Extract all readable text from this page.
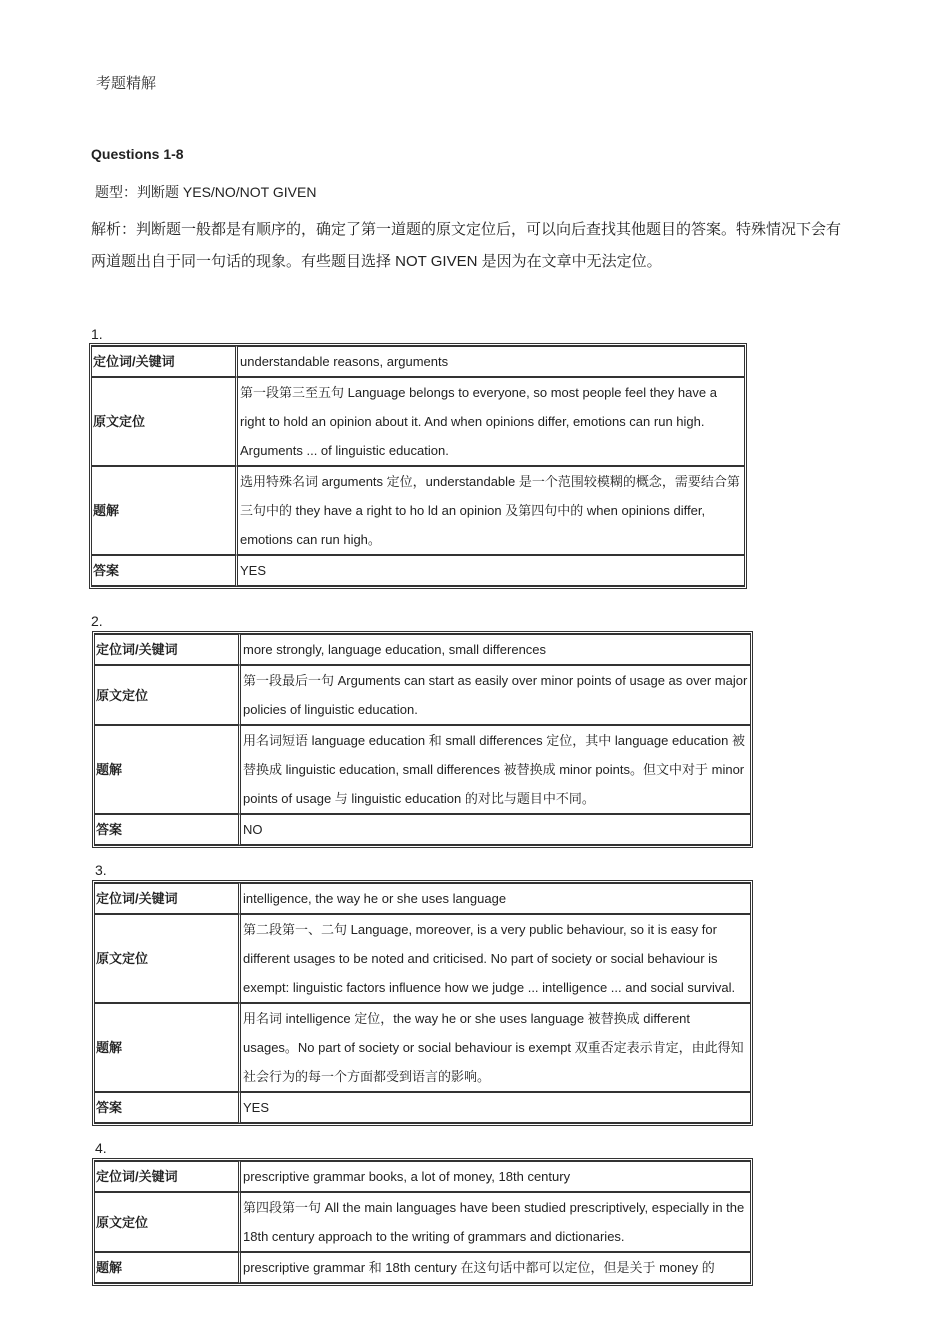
考题精解
Questions 1-8
题型：判断题 YES/NO/NOT GIVEN
解析：判断题一般都是有顺序的，确定了第一道题的原文定位后，可以向后查找其他题目的答案。特殊情况下会有两道题出自于同一句话的现象。有些题目选择 NOT GIVEN 是因为在文章中无法定位。
1.
定位词/关键词	understandable reasons, arguments
原文定位	第一段第三至五句 Language belongs to everyone, so most people feel they have a right to hold an opinion about it. And when opinions differ, emotions can run high. Arguments ... of linguistic education.
题解	选用特殊名词 arguments 定位，understandable 是一个范围较模糊的概念，需要结合第三句中的 they have a right to ho ld an opinion 及第四句中的 when opinions differ, emotions can run high。
答案	YES
2.
定位词/关键词	more strongly, language education, small differences
原文定位	第一段最后一句 Arguments can start as easily over minor points of usage as over major policies of linguistic education.
题解	用名词短语 language education 和 small differences 定位，其中 language education 被替换成 linguistic education, small differences 被替换成 minor points。但文中对于 minor points of usage 与 linguistic education 的对比与题目中不同。
答案	NO
3.
定位词/关键词	intelligence, the way he or she uses language
原文定位	第二段第一、二句 Language, moreover, is a very public behaviour, so it is easy for different usages to be noted and criticised. No part of society or social behaviour is exempt: linguistic factors influence how we judge ... intelligence ... and social survival.
题解	用名词 intelligence 定位，the way he or she uses language 被替换成 different usages。No part of society or social behaviour is exempt 双重否定表示肯定，由此得知社会行为的每一个方面都受到语言的影响。
答案	YES
4.
定位词/关键词	prescriptive grammar books, a lot of money, 18th century
原文定位	第四段第一句 All the main languages have been studied prescriptively, especially in the 18th century approach to the writing of grammars and dictionaries.
题解	prescriptive grammar 和 18th century 在这句话中都可以定位，但是关于 money 的
